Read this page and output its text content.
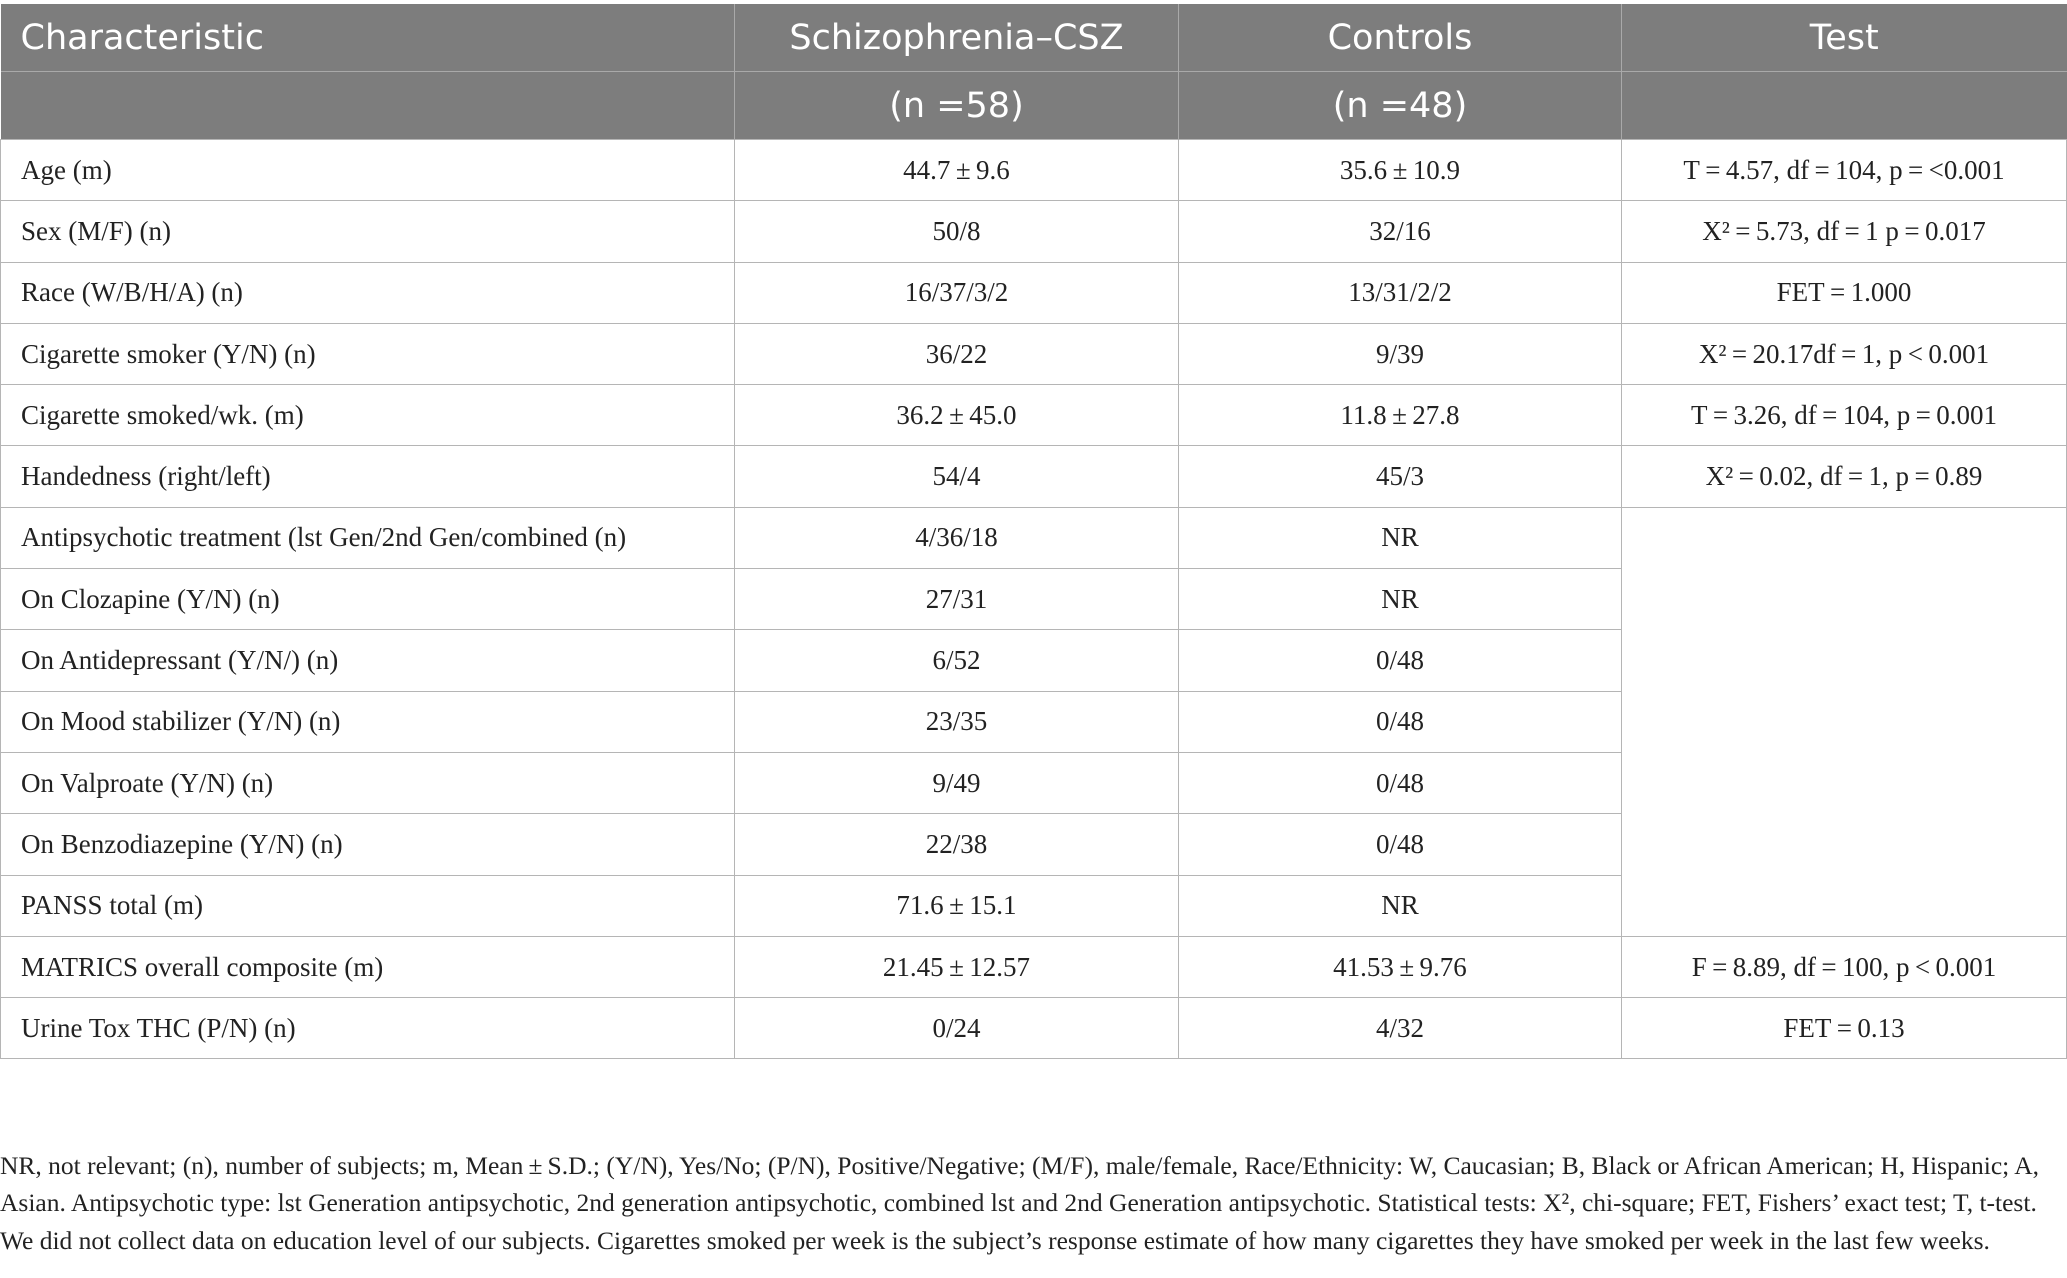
Characteristic	Schizophrenia–CSZ	Controls	Test
	(n =58)	(n =48)	
Age (m)	44.7 ± 9.6	35.6 ± 10.9	T = 4.57, df = 104, p = <0.001
Sex (M/F) (n)	50/8	32/16	X² = 5.73, df = 1 p = 0.017
Race (W/B/H/A) (n)	16/37/3/2	13/31/2/2	FET = 1.000
Cigarette smoker (Y/N) (n)	36/22	9/39	X² = 20.17df = 1, p < 0.001
Cigarette smoked/wk. (m)	36.2 ± 45.0	11.8 ± 27.8	T = 3.26, df = 104, p = 0.001
Handedness (right/left)	54/4	45/3	X² = 0.02, df = 1, p = 0.89
Antipsychotic treatment (lst Gen/2nd Gen/combined (n)	4/36/18	NR	
On Clozapine (Y/N) (n)	27/31	NR	
On Antidepressant (Y/N/) (n)	6/52	0/48	
On Mood stabilizer (Y/N) (n)	23/35	0/48	
On Valproate (Y/N) (n)	9/49	0/48	
On Benzodiazepine (Y/N) (n)	22/38	0/48	
PANSS total (m)	71.6 ± 15.1	NR	
MATRICS overall composite (m)	21.45 ± 12.57	41.53 ± 9.76	F = 8.89, df = 100, p < 0.001
Urine Tox THC (P/N) (n)	0/24	4/32	FET = 0.13

NR, not relevant; (n), number of subjects; m, Mean ± S.D.; (Y/N), Yes/No; (P/N), Positive/Negative; (M/F), male/female, Race/Ethnicity: W, Caucasian; B, Black or African American; H, Hispanic; A, Asian. Antipsychotic type: lst Generation antipsychotic, 2nd generation antipsychotic, combined lst and 2nd Generation antipsychotic. Statistical tests: X², chi-square; FET, Fishers’ exact test; T, t-test. We did not collect data on education level of our subjects. Cigarettes smoked per week is the subject’s response estimate of how many cigarettes they have smoked per week in the last few weeks.
